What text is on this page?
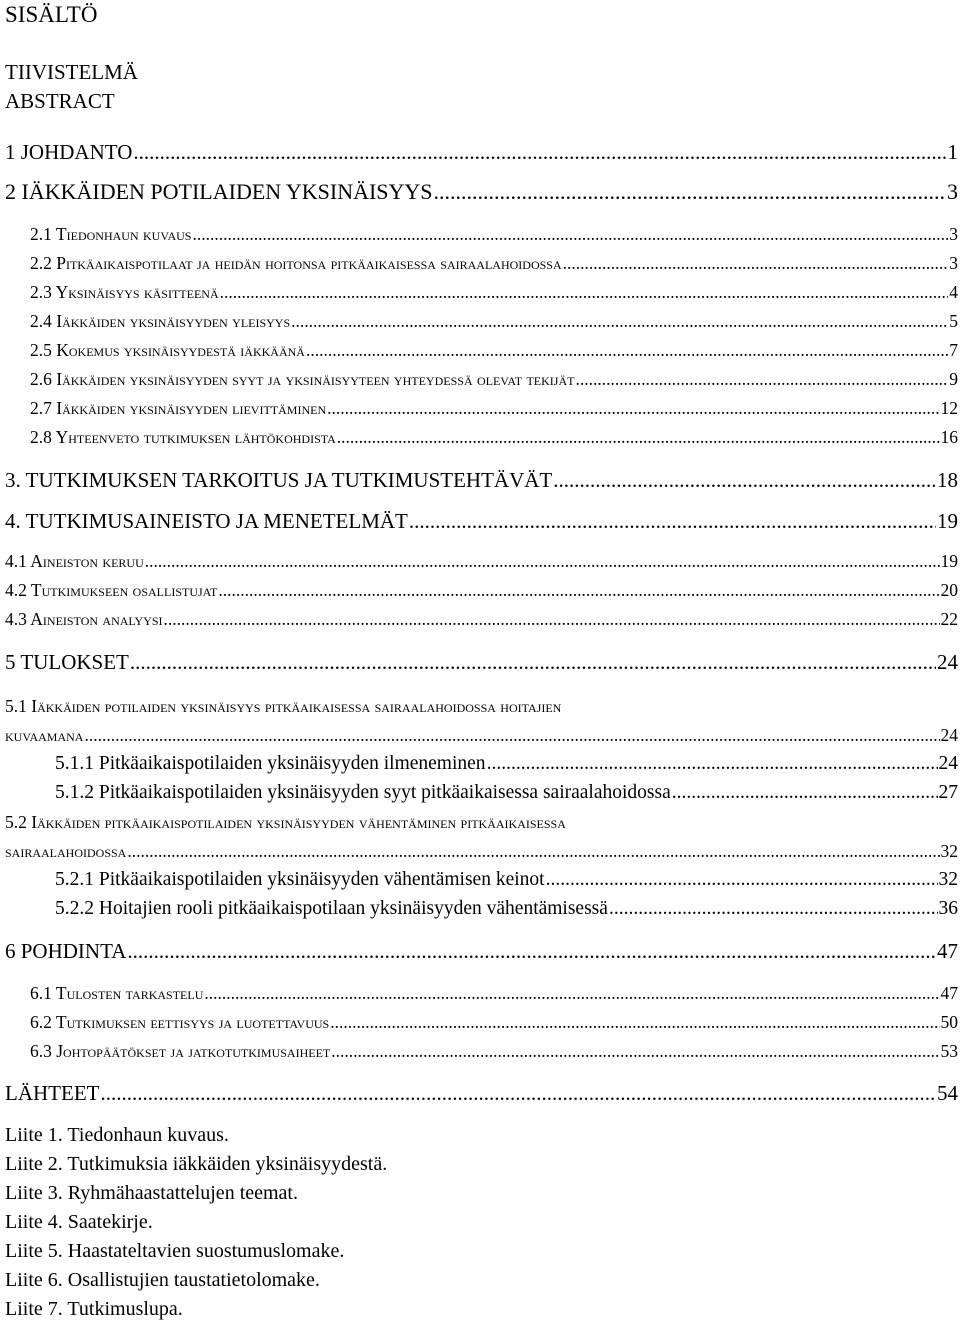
SISÄLTÖ
TIIVISTELMÄ
ABSTRACT
1 JOHDANTO .....	1
2 IÄKKÄIDEN POTILAIDEN YKSINÄISYYS .....	3
2.1 Tiedonhaun kuvaus .....	3
2.2 Pitkäaikaispotilaat ja heidän hoitonsa pitkäaikaisessa sairaalahoidossa .....	3
2.3 Yksinäisyys käsitteenä .....	4
2.4 Iäkkäiden yksinäisyyden yleisyys .....	5
2.5 Kokemus yksinäisyydestä iäkkäänä .....	7
2.6 Iäkkäiden yksinäisyyden syyt ja yksinäisyyteen yhteydessä olevat tekijät .....	9
2.7 Iäkkäiden yksinäisyyden lievittäminen .....	12
2.8 Yhteenveto tutkimuksen lähtökohdista .....	16
3. TUTKIMUKSEN TARKOITUS JA TUTKIMUSTEHTÄVÄT .....	18
4. TUTKIMUSAINEISTO JA MENETELMÄT .....	19
4.1 Aineiston keruu .....	19
4.2 Tutkimukseen osallistujat .....	20
4.3 Aineiston analyysi .....	22
5 TULOKSET .....	24
5.1 Iäkkäiden potilaiden yksinäisyys pitkäaikaisessa sairaalahoidossa hoitajien
kuvaamana .....	24
5.1.1 Pitkäaikaispotilaiden yksinäisyyden ilmeneminen .....	24
5.1.2 Pitkäaikaispotilaiden yksinäisyyden syyt pitkäaikaisessa sairaalahoidossa .....	27
5.2 Iäkkäiden pitkäaikaispotilaiden yksinäisyyden vähentäminen pitkäaikaisessa
sairaalahoidossa .....	32
5.2.1 Pitkäaikaispotilaiden yksinäisyyden vähentämisen keinot .....	32
5.2.2 Hoitajien rooli pitkäaikaispotilaan yksinäisyyden vähentämisessä .....	36
6 POHDINTA .....	47
6.1 Tulosten tarkastelu .....	47
6.2 Tutkimuksen eettisyys ja luotettavuus .....	50
6.3 Johtopäätökset ja jatkotutkimusaiheet .....	53
LÄHTEET .....	54
Liite 1. Tiedonhaun kuvaus.
Liite 2. Tutkimuksia iäkkäiden yksinäisyydestä.
Liite 3. Ryhmähaastattelujen teemat.
Liite 4. Saatekirje.
Liite 5. Haastateltavien suostumuslomake.
Liite 6. Osallistujien taustatietolomake.
Liite 7. Tutkimuslupa.
